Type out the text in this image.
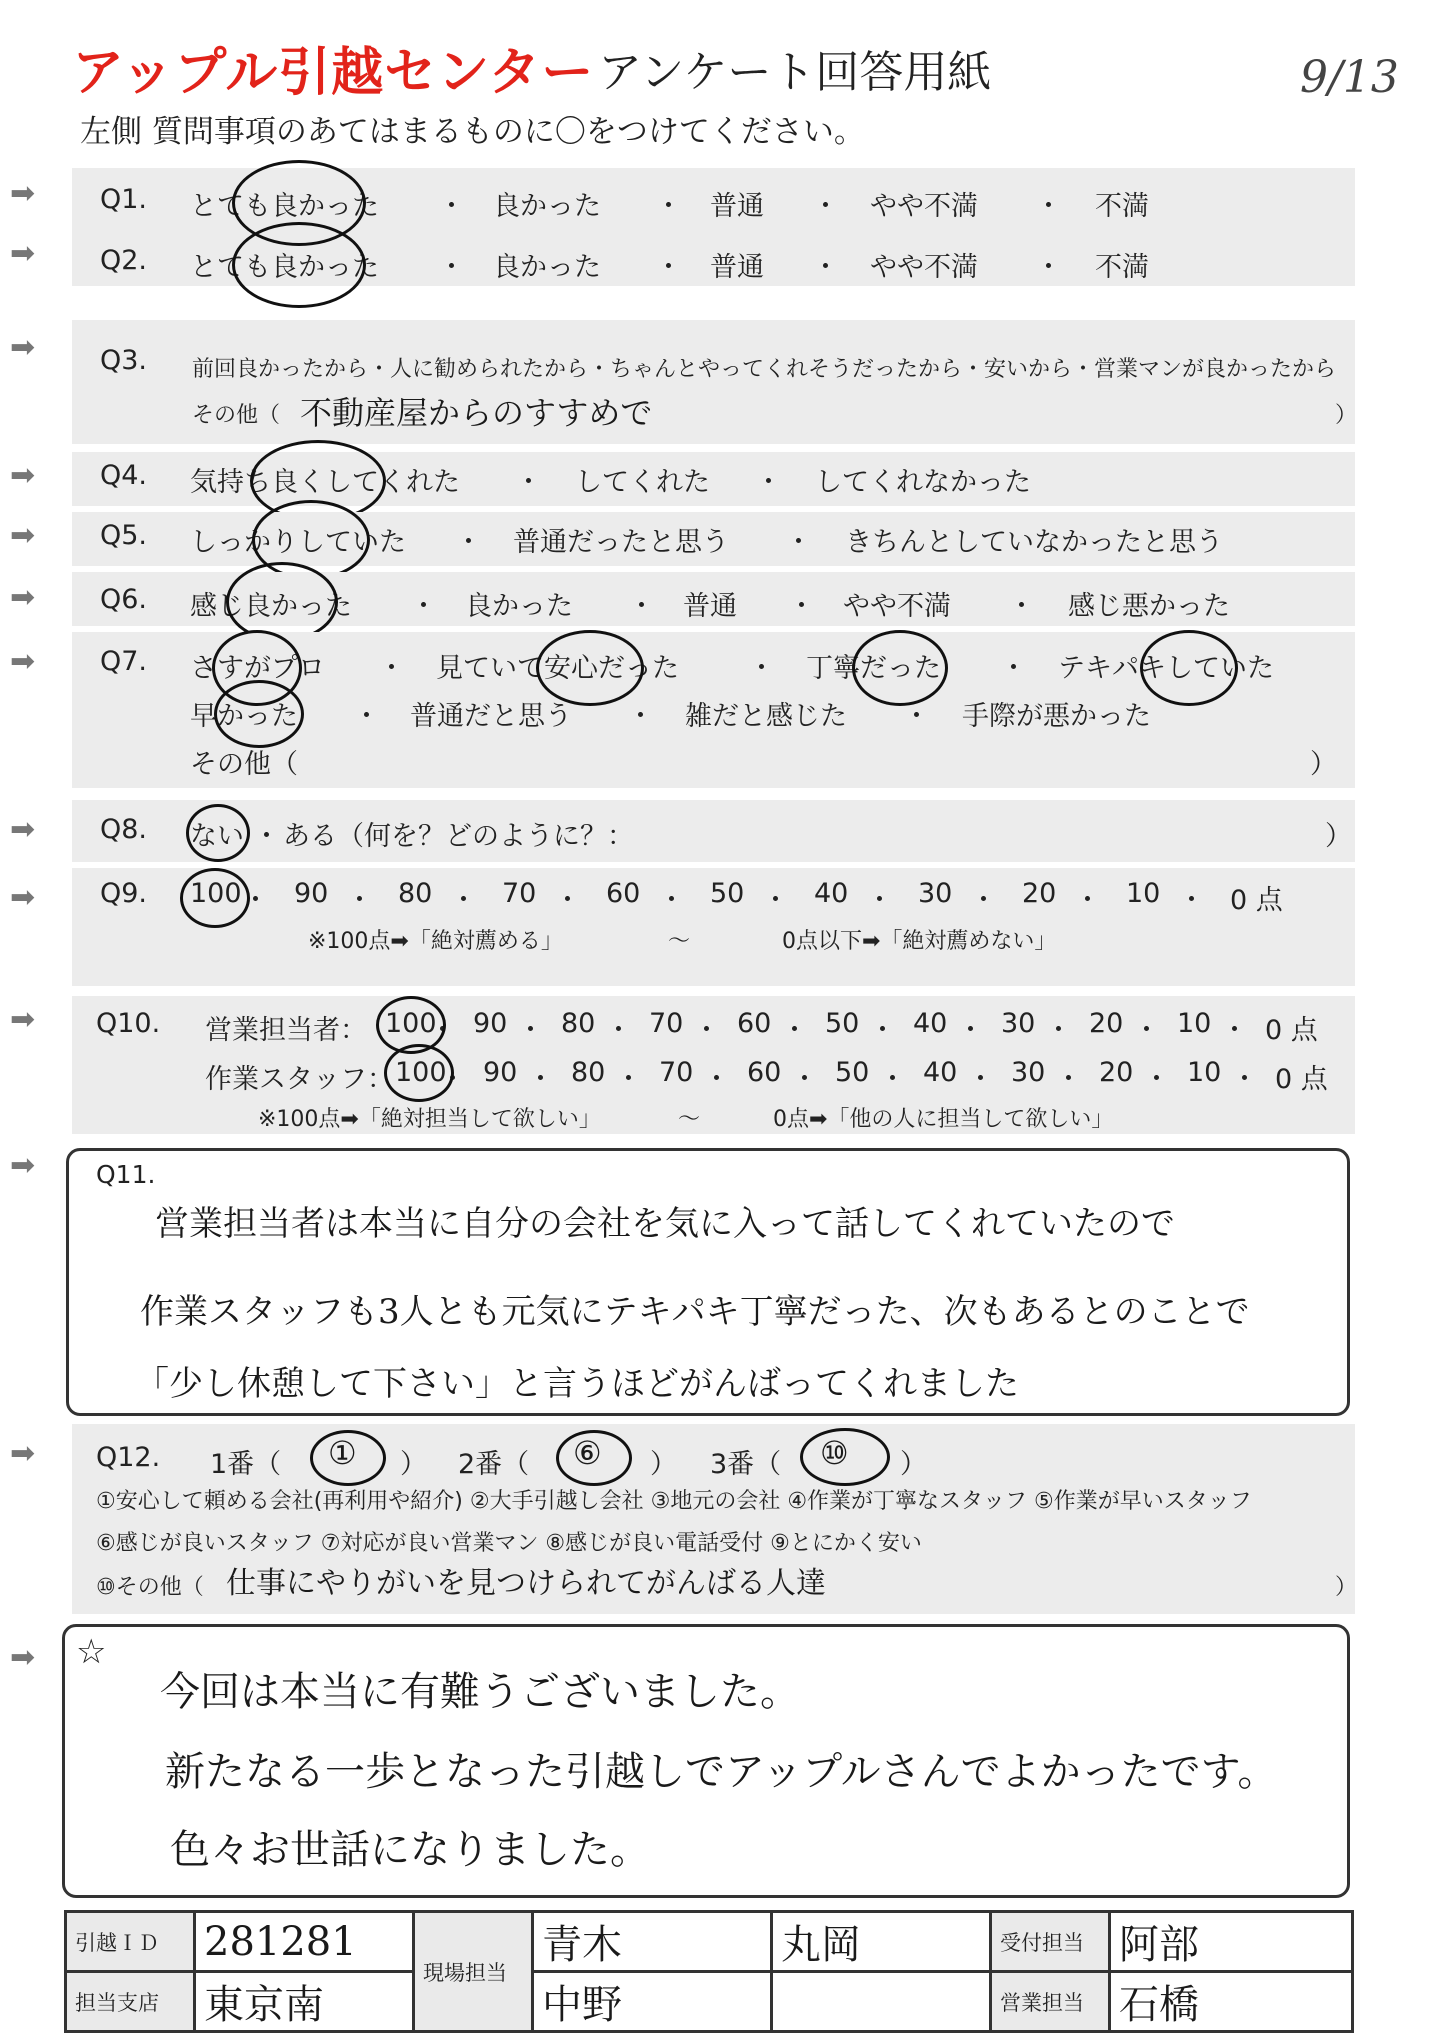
アップル引越センター アンケート回答用紙	9/13
左側 質問事項のあてはまるものに〇をつけてください。
➡ Q1. とても良かった ・ 良かった ・ 普通 ・ やや不満 ・ 不満
➡ Q2. とても良かった ・ 良かった ・ 普通 ・ やや不満 ・ 不満
➡ Q3. 前回良かったから・人に勧められたから・ちゃんとやってくれそうだったから・安いから・営業マンが良かったから
その他（ 不動産屋からのすすめで	）
➡ Q4. 気持ち良くしてくれた ・ してくれた ・ してくれなかった
➡ Q5. しっかりしていた ・ 普通だったと思う ・ きちんとしていなかったと思う
➡ Q6. 感じ良かった ・ 良かった ・ 普通 ・ やや不満 ・ 感じ悪かった
➡ Q7. さすがプロ ・ 見ていて安心だった	・ 丁寧だった ・ テキパキしていた
早かった ・ 普通だと思う ・ 雑だと感じた ・ 手際が悪かった
その他（	）
➡ Q8. ない ・ ある（何を？どのように？：	）
➡ Q9. 100 ・ 90 ・ 80 ・ 70 ・ 60 ・ 50 ・ 40 ・ 30 ・ 20 ・ 10 ・ 0 点
※100点➡「絶対薦める」	〜	0点以下➡「絶対薦めない」
➡ Q10. 営業担当者： 100
・ 90 ・ 80 ・ 70 ・ 60 ・ 50 ・ 40 ・ 30 ・ 20 ・ 10 ・ 0 点
作業スタッフ： 100
・ 90 ・ 80 ・ 70 ・ 60 ・ 50 ・ 40 ・ 30 ・ 20 ・ 10 ・ 0 点
※100点➡「絶対担当して欲しい」	〜	0点➡「他の人に担当して欲しい」
➡ Q11.
営業担当者は本当に自分の会社を気に入って話してくれていたので
作業スタッフも3人とも元気にテキパキ丁寧だった、次もあるとのことで
「少し休憩して下さい」と言うほどがんばってくれました
➡ Q12. 1番（ ① ） 2番（ ⑥ ） 3番（ ⑩ ）
①安心して頼める会社(再利用や紹介) ②大手引越し会社 ③地元の会社 ④作業が丁寧なスタッフ ⑤作業が早いスタッフ
⑥感じが良いスタッフ ⑦対応が良い営業マン ⑧感じが良い電話受付 ⑨とにかく安い
⑩その他（ 仕事にやりがいを見つけられてがんばる人達	）
➡ ☆
今回は本当に有難うございました。
新たなる一歩となった引越しでアップルさんでよかったです。
色々お世話になりました。
引越ＩＤ	281281	現場担当	青木	丸岡	受付担当	阿部
担当支店	東京南		中野		営業担当	石橋
